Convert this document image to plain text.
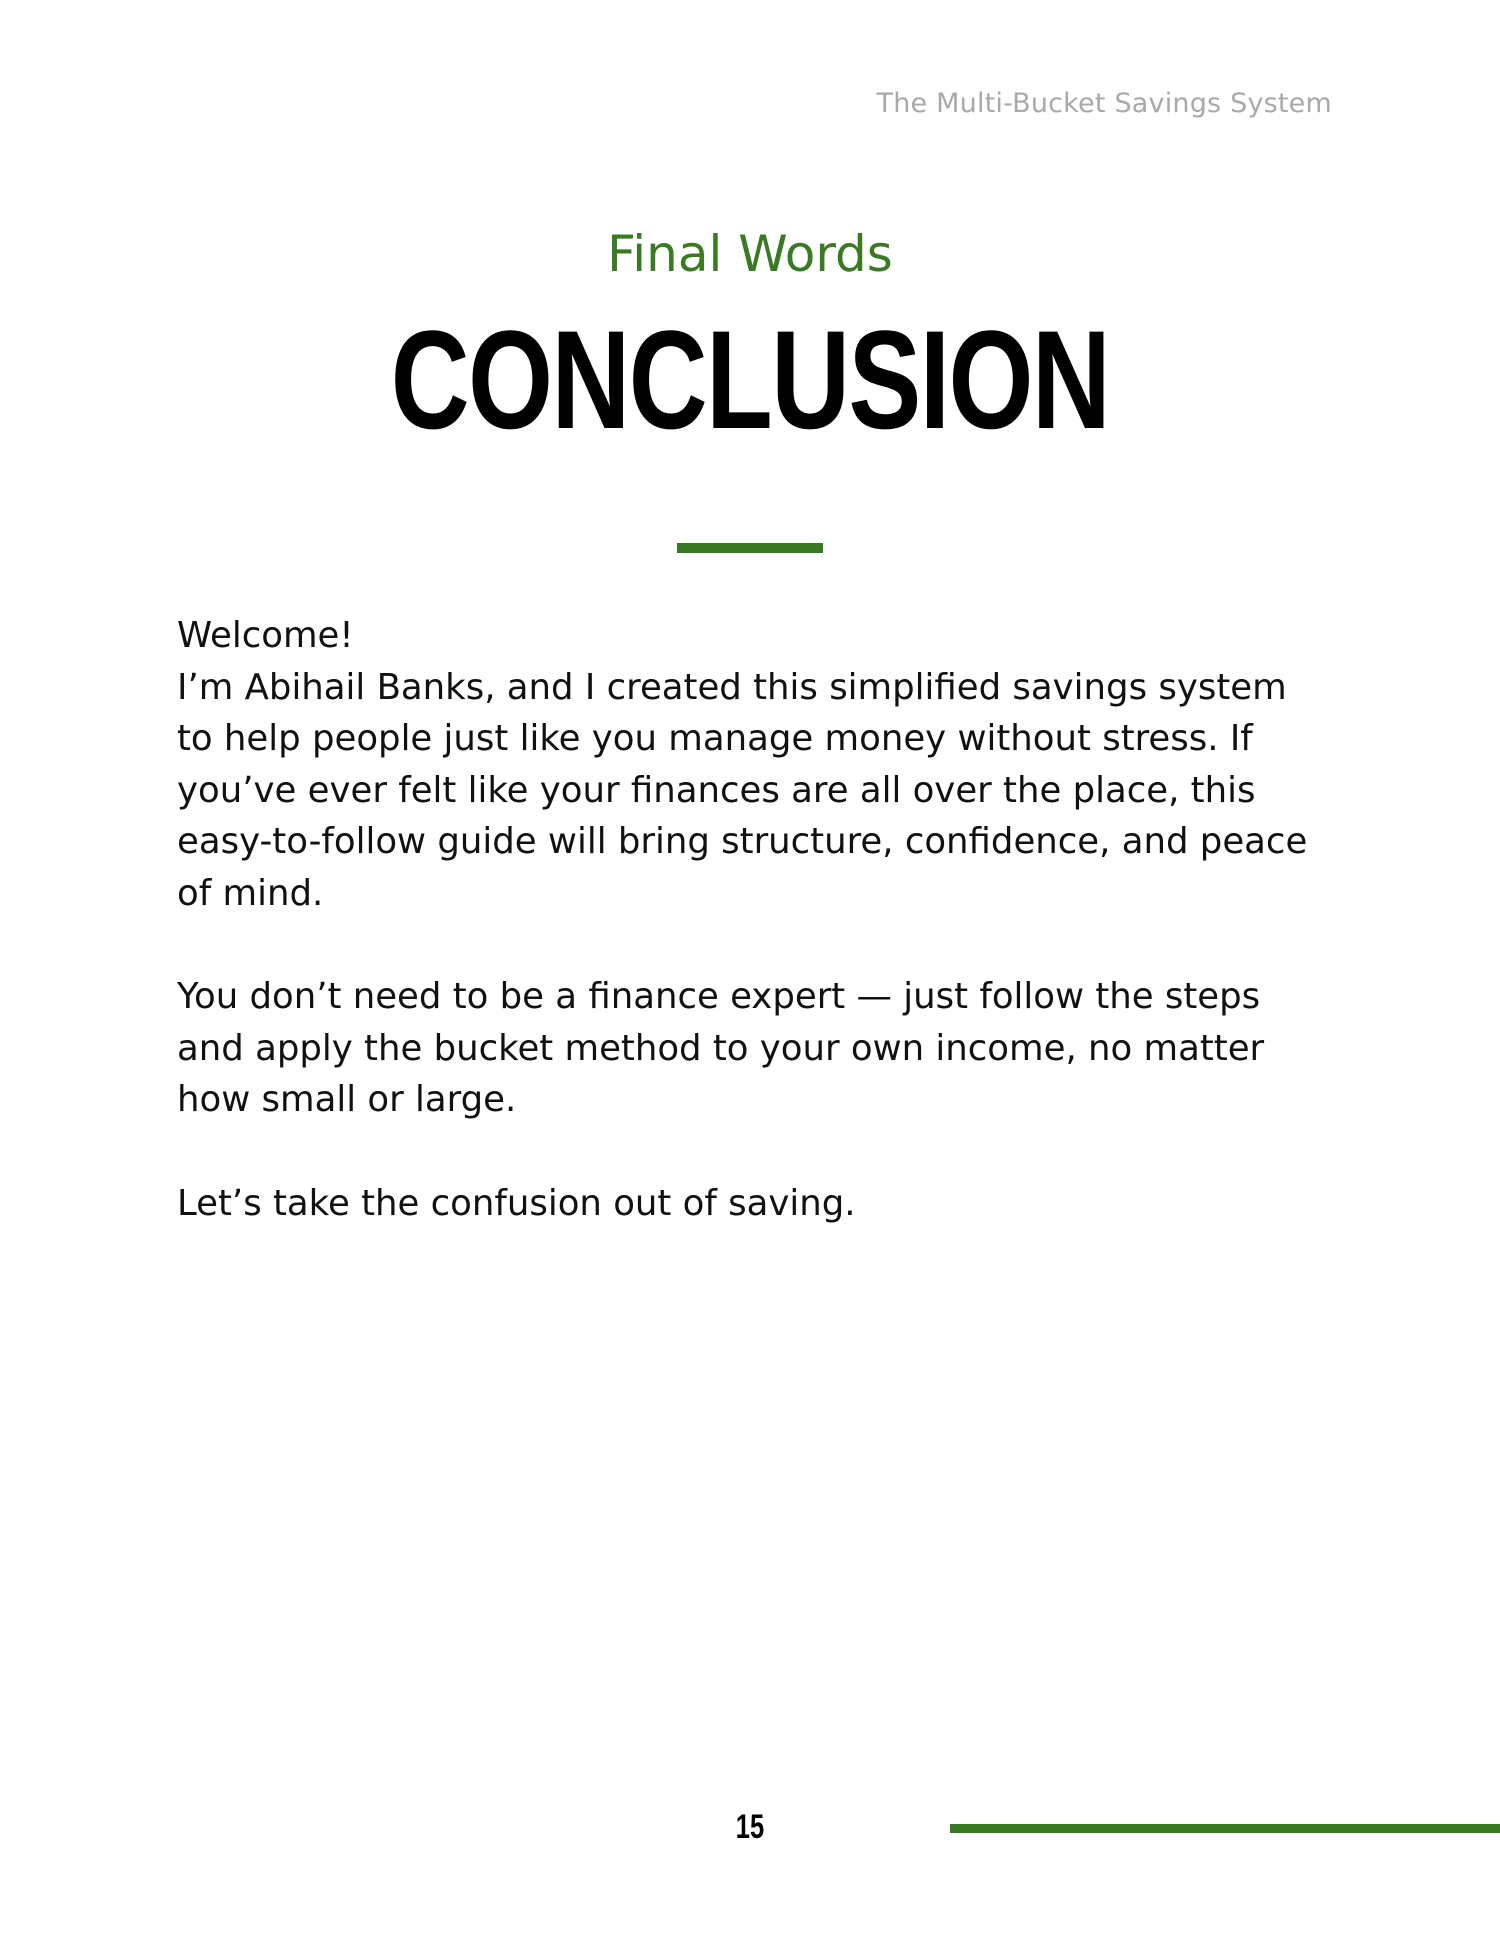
The Multi-Bucket Savings System
Final Words
CONCLUSION

Welcome!
I’m Abihail Banks, and I created this simplified savings system to help people just like you manage money without stress. If you’ve ever felt like your finances are all over the place, this easy-to-follow guide will bring structure, confidence, and peace of mind.

You don’t need to be a finance expert — just follow the steps and apply the bucket method to your own income, no matter how small or large.

Let’s take the confusion out of saving.

15
